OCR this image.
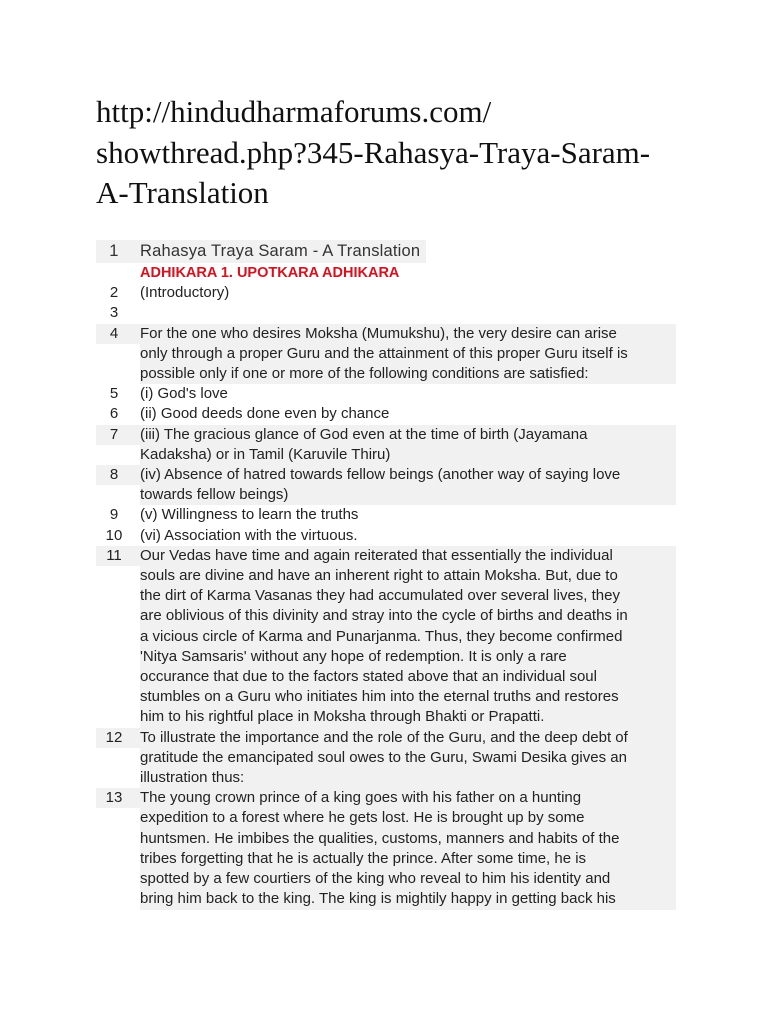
http://hindudharmaforums.com/
showthread.php?345-Rahasya-Traya-Saram-
A-Translation
1	Rahasya Traya Saram - A Translation
ADHIKARA 1. UPOTKARA ADHIKARA
2	(Introductory)
3
4	For the one who desires Moksha (Mumukshu), the very desire can arise
only through a proper Guru and the attainment of this proper Guru itself is
possible only if one or more of the following conditions are satisfied:
5	(i) God's love
6	(ii) Good deeds done even by chance
7	(iii) The gracious glance of God even at the time of birth (Jayamana
Kadaksha) or in Tamil (Karuvile Thiru)
8	(iv) Absence of hatred towards fellow beings (another way of saying love
towards fellow beings)
9	(v) Willingness to learn the truths
10	(vi) Association with the virtuous.
11	Our Vedas have time and again reiterated that essentially the individual
souls are divine and have an inherent right to attain Moksha. But, due to
the dirt of Karma Vasanas they had accumulated over several lives, they
are oblivious of this divinity and stray into the cycle of births and deaths in
a vicious circle of Karma and Punarjanma. Thus, they become confirmed
'Nitya Samsaris' without any hope of redemption. It is only a rare
occurance that due to the factors stated above that an individual soul
stumbles on a Guru who initiates him into the eternal truths and restores
him to his rightful place in Moksha through Bhakti or Prapatti.
12	To illustrate the importance and the role of the Guru, and the deep debt of
gratitude the emancipated soul owes to the Guru, Swami Desika gives an
illustration thus:
13	The young crown prince of a king goes with his father on a hunting
expedition to a forest where he gets lost. He is brought up by some
huntsmen. He imbibes the qualities, customs, manners and habits of the
tribes forgetting that he is actually the prince. After some time, he is
spotted by a few courtiers of the king who reveal to him his identity and
bring him back to the king. The king is mightily happy in getting back his
